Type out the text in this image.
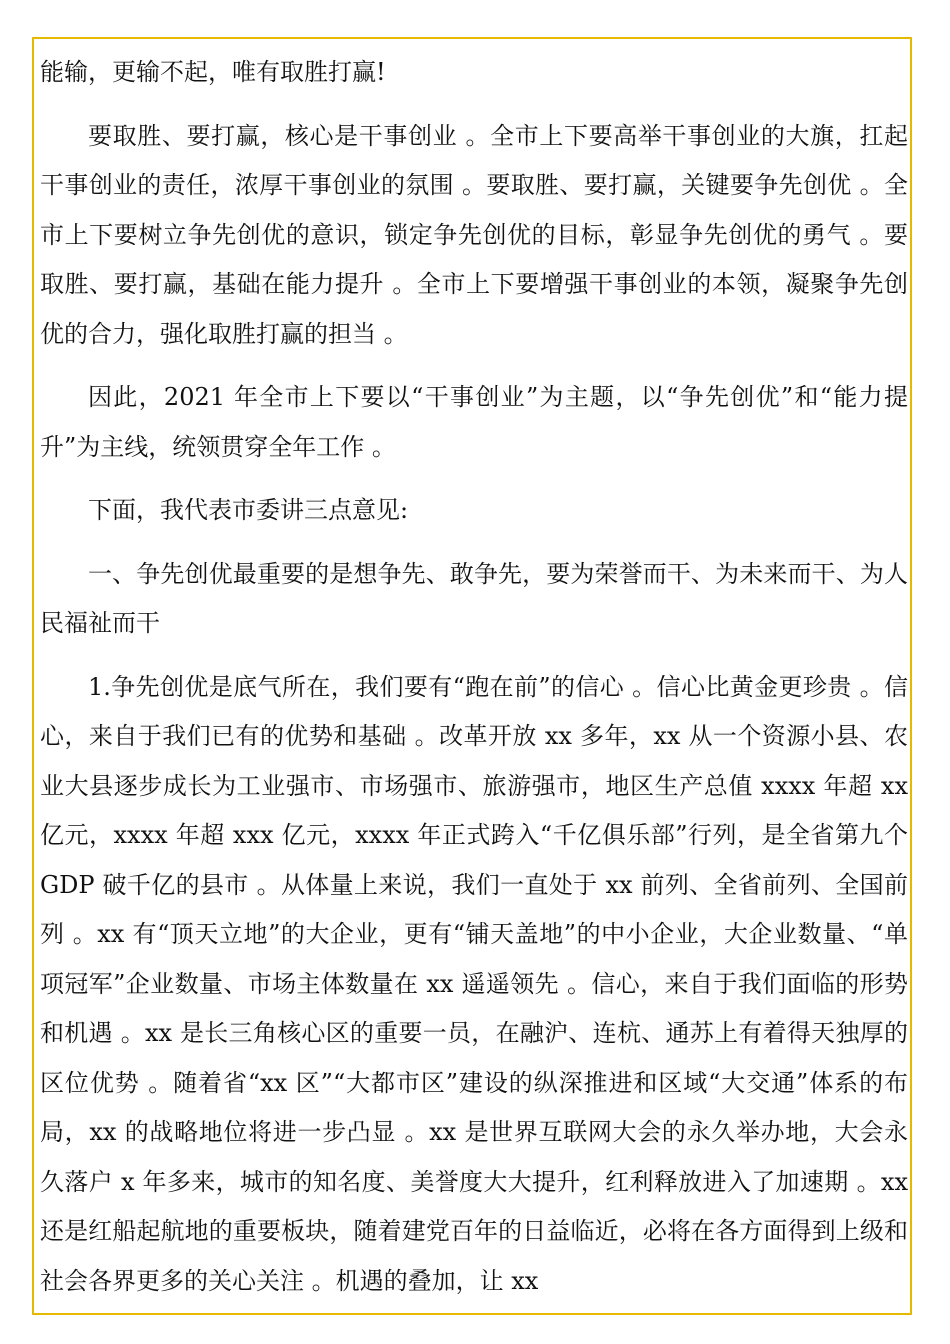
能输，更输不起，唯有取胜打赢!

要取胜、要打赢，核心是干事创业 。全市上下要高举干事创业的大旗，扛起干事创业的责任，浓厚干事创业的氛围 。要取胜、要打赢，关键要争先创优 。全市上下要树立争先创优的意识，锁定争先创优的目标，彰显争先创优的勇气 。要取胜、要打赢，基础在能力提升 。全市上下要增强干事创业的本领，凝聚争先创优的合力，强化取胜打赢的担当 。

因此，2021 年全市上下要以“干事创业”为主题，以“争先创优”和“能力提升”为主线，统领贯穿全年工作 。

下面，我代表市委讲三点意见:

一、争先创优最重要的是想争先、敢争先，要为荣誉而干、为未来而干、为人民福祉而干

1.争先创优是底气所在，我们要有“跑在前”的信心 。信心比黄金更珍贵 。信心，来自于我们已有的优势和基础 。改革开放 xx 多年，xx 从一个资源小县、农业大县逐步成长为工业强市、市场强市、旅游强市，地区生产总值 xxxx 年超 xx 亿元，xxxx 年超 xxx 亿元，xxxx 年正式跨入“千亿俱乐部”行列，是全省第九个 GDP 破千亿的县市 。从体量上来说，我们一直处于 xx 前列、全省前列、全国前列 。xx 有“顶天立地”的大企业，更有“铺天盖地”的中小企业，大企业数量、“单项冠军”企业数量、市场主体数量在 xx 遥遥领先 。信心，来自于我们面临的形势和机遇 。xx 是长三角核心区的重要一员，在融沪、连杭、通苏上有着得天独厚的区位优势 。随着省“xx 区”“大都市区”建设的纵深推进和区域“大交通”体系的布局，xx 的战略地位将进一步凸显 。xx 是世界互联网大会的永久举办地，大会永久落户 x 年多来，城市的知名度、美誉度大大提升，红利释放进入了加速期 。xx 还是红船起航地的重要板块，随着建党百年的日益临近，必将在各方面得到上级和社会各界更多的关心关注 。机遇的叠加，让 xx
